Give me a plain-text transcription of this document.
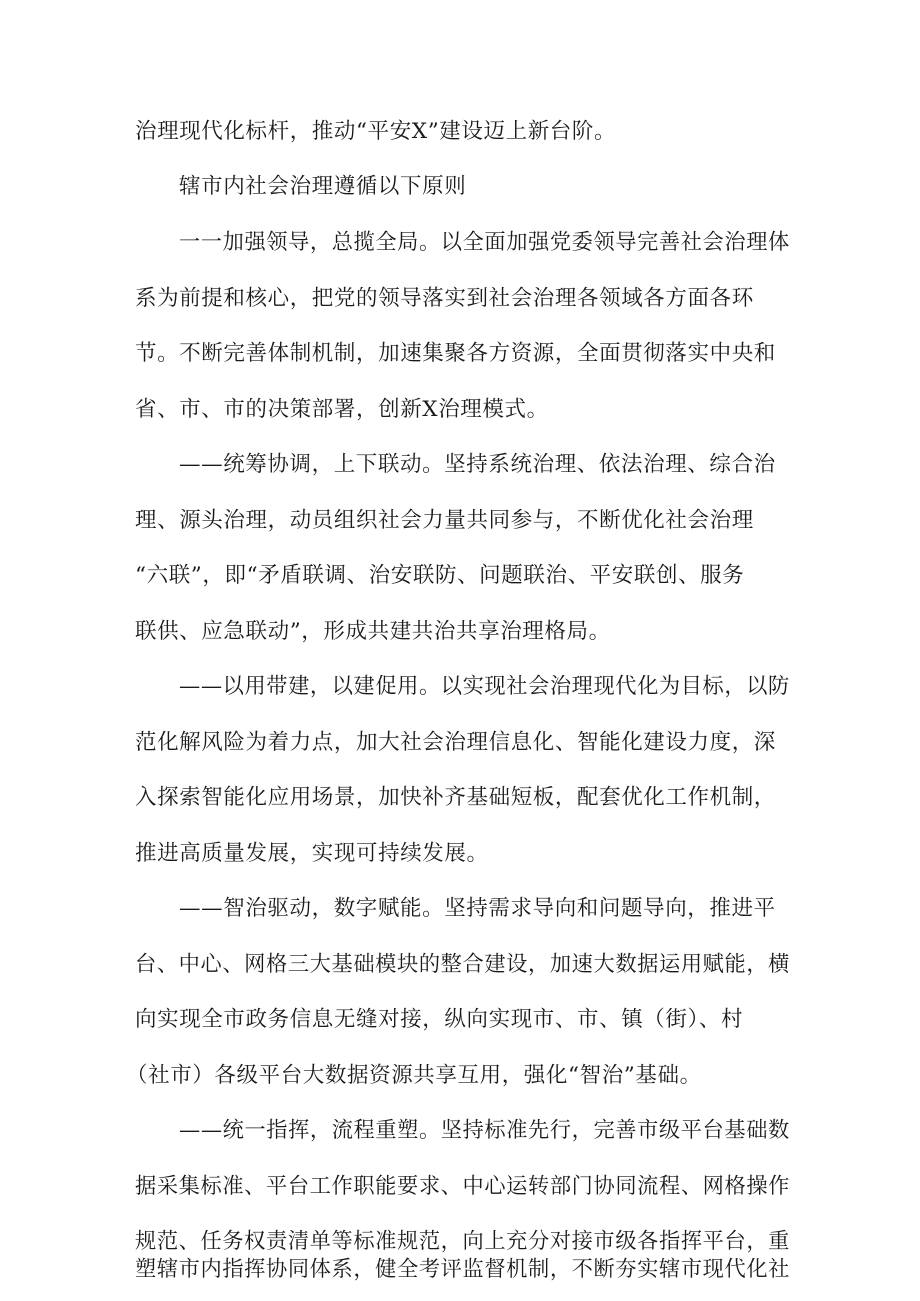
治理现代化标杆，推动“平安X”建设迈上新台阶。
辖市内社会治理遵循以下原则
一一加强领导，总揽全局。以全面加强党委领导完善社会治理体
系为前提和核心，把党的领导落实到社会治理各领域各方面各环
节。不断完善体制机制，加速集聚各方资源，全面贯彻落实中央和
省、市、市的决策部署，创新X治理模式。
——统筹协调，上下联动。坚持系统治理、依法治理、综合治
理、源头治理，动员组织社会力量共同参与，不断优化社会治理
“六联”，即“矛盾联调、治安联防、问题联治、平安联创、服务
联供、应急联动”，形成共建共治共享治理格局。
——以用带建，以建促用。以实现社会治理现代化为目标，以防
范化解风险为着力点，加大社会治理信息化、智能化建设力度，深
入探索智能化应用场景，加快补齐基础短板，配套优化工作机制，
推进高质量发展，实现可持续发展。
——智治驱动，数字赋能。坚持需求导向和问题导向，推进平
台、中心、网格三大基础模块的整合建设，加速大数据运用赋能，横
向实现全市政务信息无缝对接，纵向实现市、市、镇（街）、村
（社市）各级平台大数据资源共享互用，强化“智治”基础。
——统一指挥，流程重塑。坚持标准先行，完善市级平台基础数
据采集标准、平台工作职能要求、中心运转部门协同流程、网格操作
规范、任务权责清单等标准规范，向上充分对接市级各指挥平台，重
塑辖市内指挥协同体系，健全考评监督机制，不断夯实辖市现代化社
